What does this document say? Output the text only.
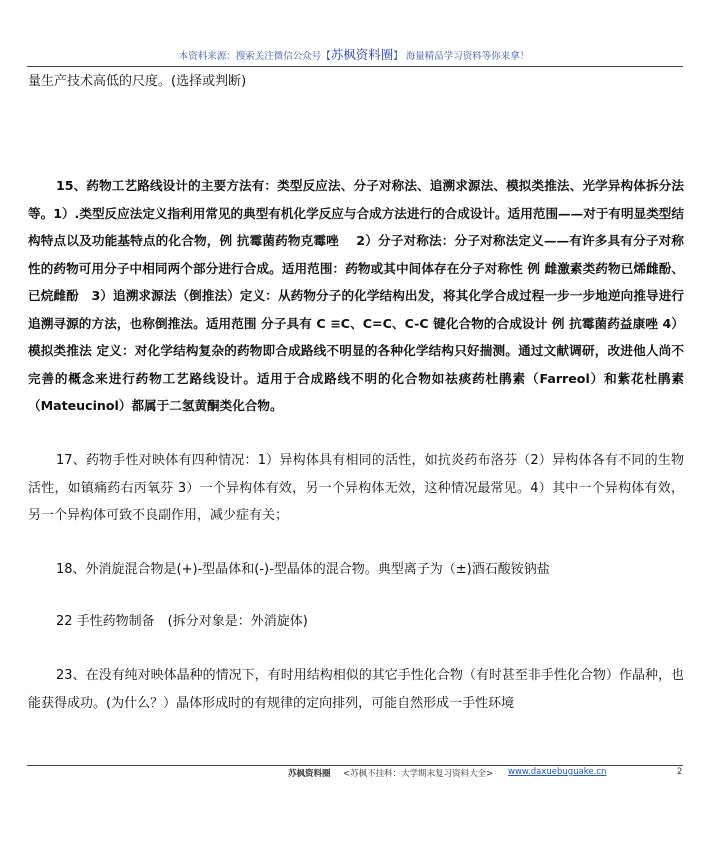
本资料来源：搜索关注微信公众号【苏枫资料圈】 海量精品学习资料等你来拿！

量生产技术高低的尺度。(选择或判断)

15、药物工艺路线设计的主要方法有：类型反应法、分子对称法、追溯求源法、模拟类推法、光学异构体拆分法等。1）.类型反应法定义指利用常见的典型有机化学反应与合成方法进行的合成设计。适用范围——对于有明显类型结构特点以及功能基特点的化合物，例 抗霉菌药物克霉唑　 2）分子对称法：分子对称法定义——有许多具有分子对称性的药物可用分子中相同两个部分进行合成。适用范围：药物或其中间体存在分子对称性 例 雌激素类药物已烯雌酚、已烷雌酚　3）追溯求源法（倒推法）定义：从药物分子的化学结构出发，将其化学合成过程一步一步地逆向推导进行追溯寻源的方法，也称倒推法。适用范围 分子具有 C ≡C、C=C、C-C 键化合物的合成设计 例 抗霉菌药益康唑 4）模拟类推法 定义：对化学结构复杂的药物即合成路线不明显的各种化学结构只好揣测。通过文献调研，改进他人尚不完善的概念来进行药物工艺路线设计。适用于合成路线不明的化合物如祛痰药杜鹃素（Farreol）和紫花杜鹃素（Mateucinol）都属于二氢黄酮类化合物。

17、药物手性对映体有四种情况：1）异构体具有相同的活性，如抗炎药布洛芬（2）异构体各有不同的生物活性，如镇痛药右丙氧芬 3）一个异构体有效，另一个异构体无效，这种情况最常见。4）其中一个异构体有效，另一个异构体可致不良副作用，减少症有关；

18、外消旋混合物是(+)-型晶体和(-)-型晶体的混合物。典型离子为（±)酒石酸铵钠盐

22 手性药物制备　(拆分对象是：外消旋体)

23、在没有纯对映体晶种的情况下，有时用结构相似的其它手性化合物（有时甚至非手性化合物）作晶种，也能获得成功。(为什么？）晶体形成时的有规律的定向排列，可能自然形成一手性环境

苏枫资料圈 <苏枫不挂科：大学期末复习资料大全> www.daxuebuguake.cn	2
